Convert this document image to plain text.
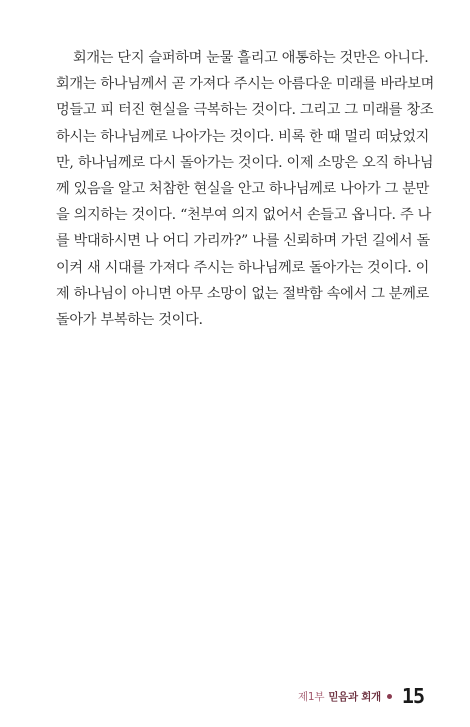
회개는 단지 슬퍼하며 눈물 흘리고 애통하는 것만은 아니다.
회개는 하나님께서 곧 가져다 주시는 아름다운 미래를 바라보며
멍들고 피 터진 현실을 극복하는 것이다. 그리고 그 미래를 창조
하시는 하나님께로 나아가는 것이다. 비록 한 때 멀리 떠났었지
만, 하나님께로 다시 돌아가는 것이다. 이제 소망은 오직 하나님
께 있음을 알고 처참한 현실을 안고 하나님께로 나아가 그 분만
을 의지하는 것이다. “천부여 의지 없어서 손들고 옵니다. 주 나
를 박대하시면 나 어디 가리까?” 나를 신뢰하며 가던 길에서 돌
이켜 새 시대를 가져다 주시는 하나님께로 돌아가는 것이다. 이
제 하나님이 아니면 아무 소망이 없는 절박함 속에서 그 분께로
돌아가 부복하는 것이다.
제1부 믿음과 회개 15
